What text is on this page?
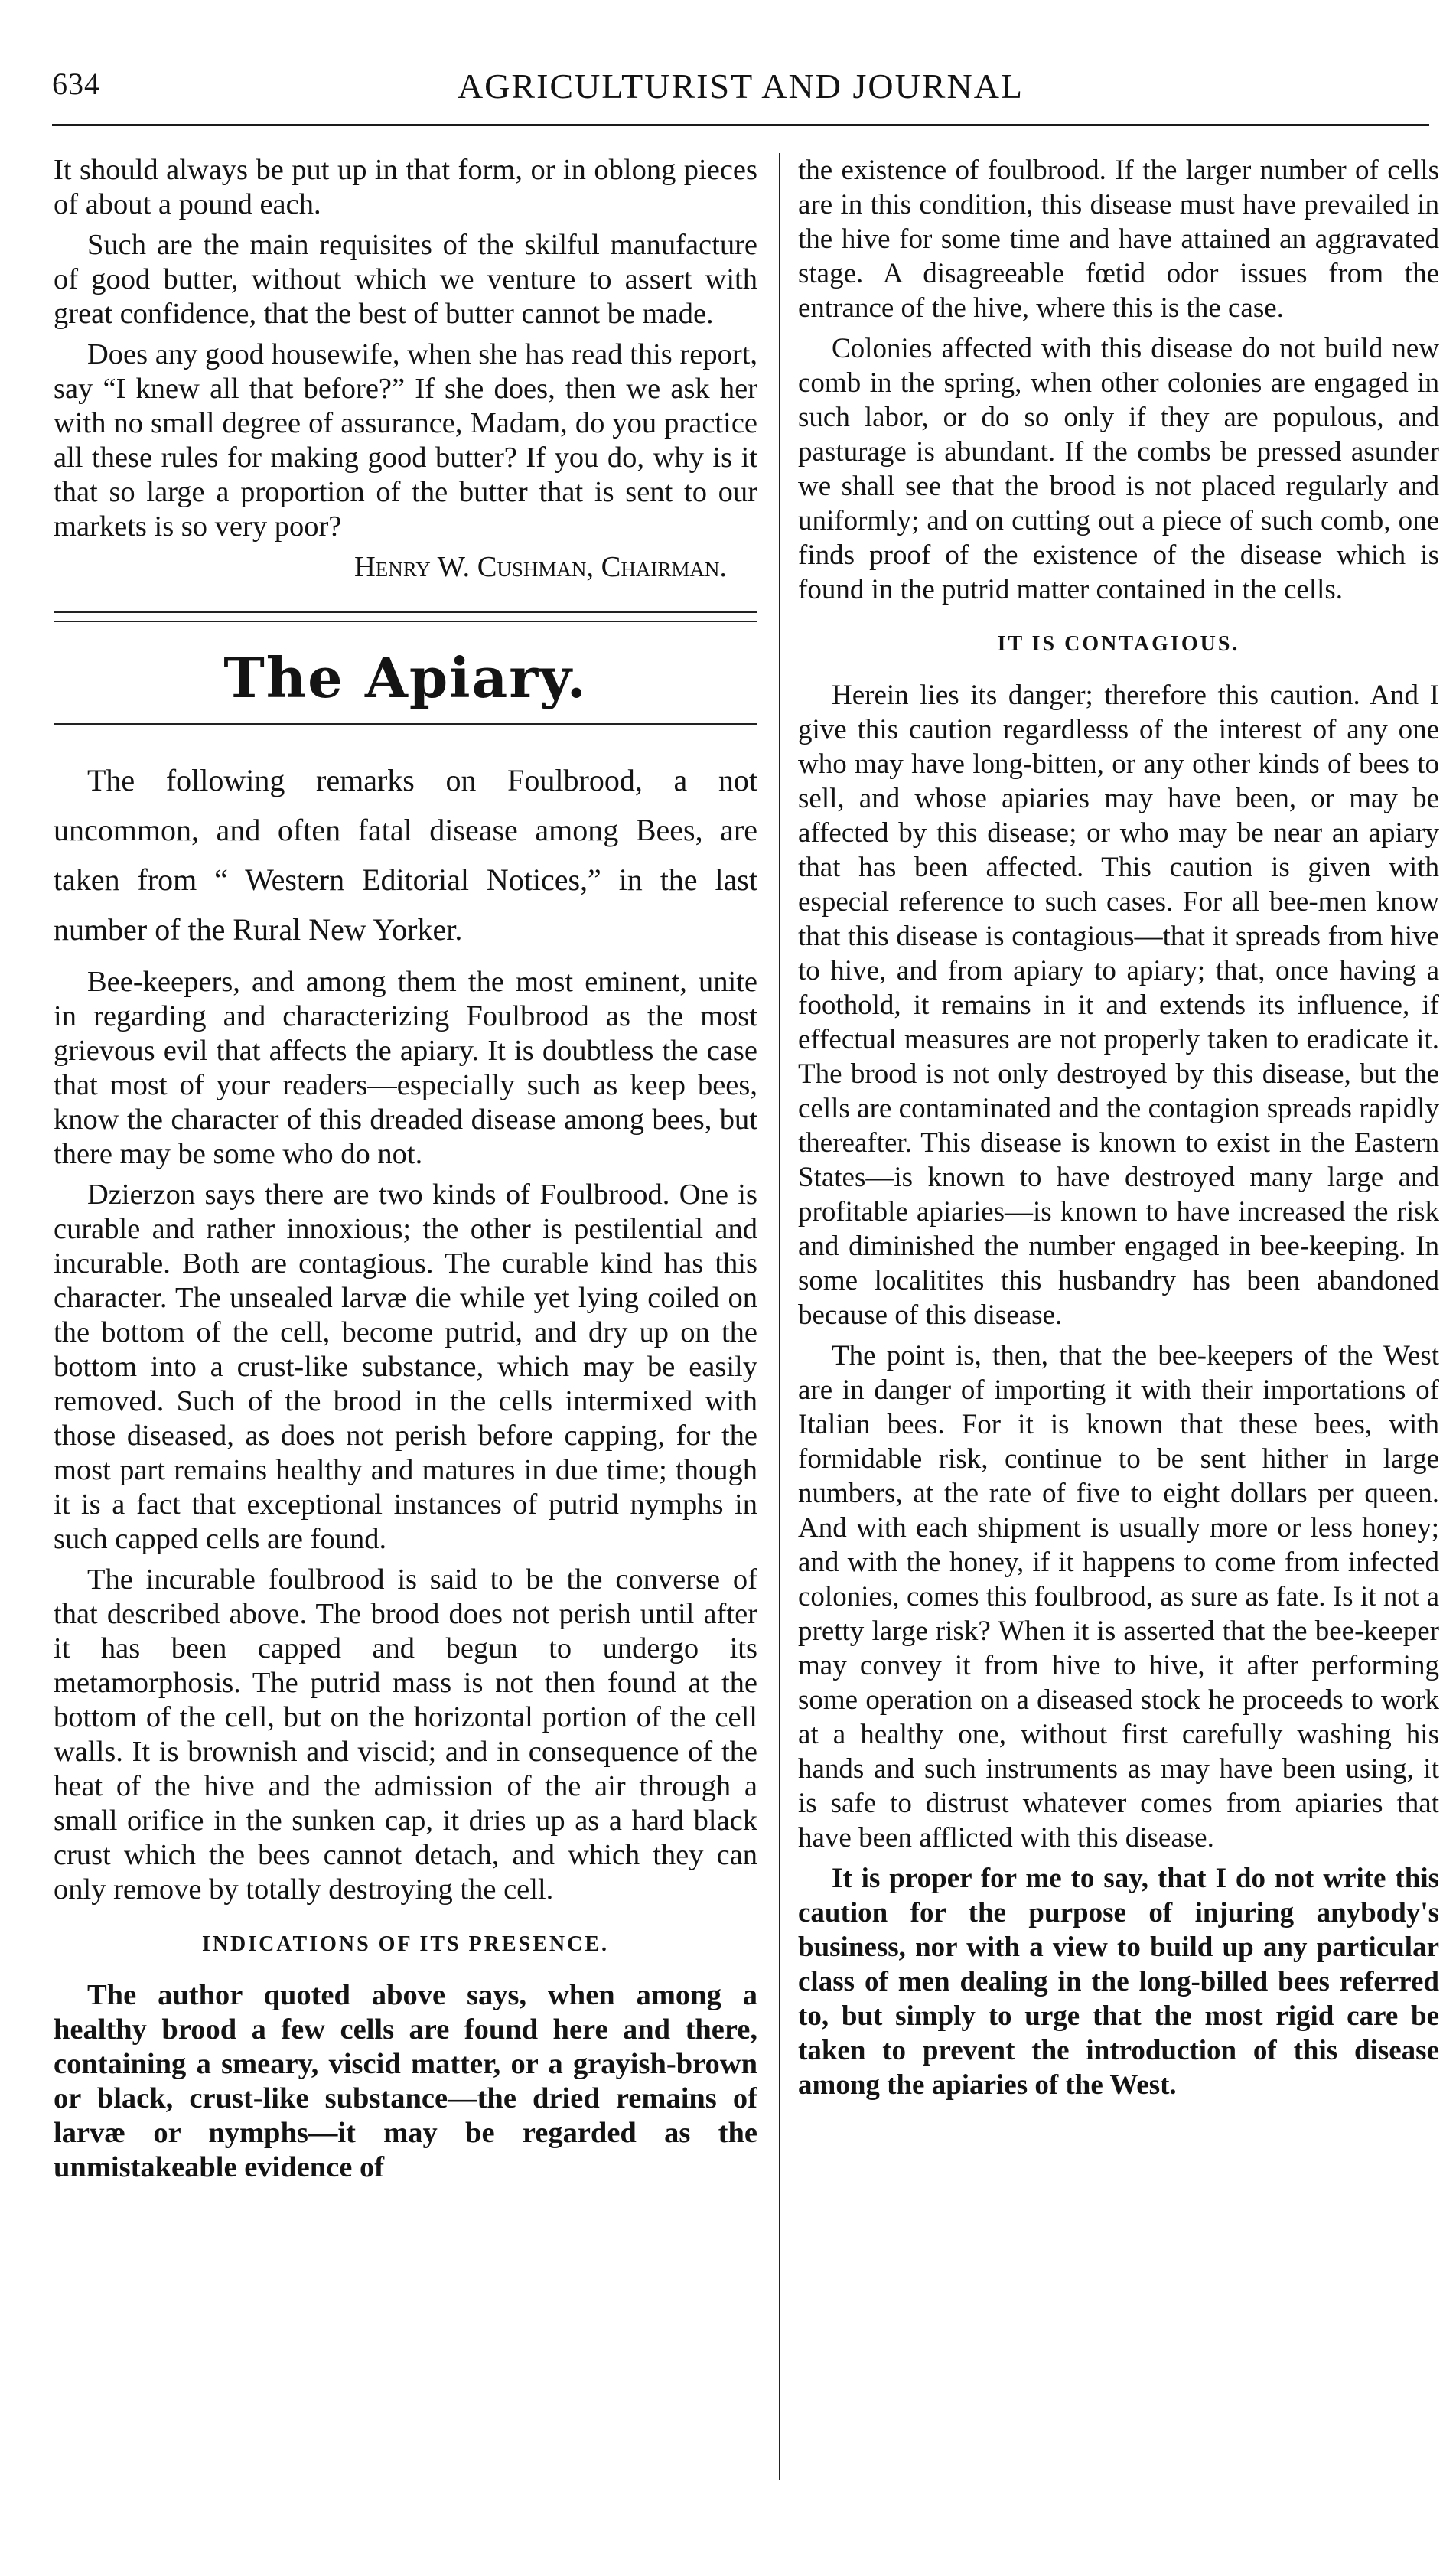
634	AGRICULTURIST AND JOURNAL

It should always be put up in that form, or in oblong pieces of about a pound each.

Such are the main requisites of the skilful manufacture of good butter, without which we venture to assert with great confidence, that the best of butter cannot be made.

Does any good housewife, when she has read this report, say “I knew all that before?” If she does, then we ask her with no small degree of assurance, Madam, do you practice all these rules for making good butter? If you do, why is it that so large a proportion of the butter that is sent to our markets is so very poor?

Henry W. Cushman, Chairman.

The Apiary.

The following remarks on Foulbrood, a not uncommon, and often fatal disease among Bees, are taken from “ Western Editorial Notices,” in the last number of the Rural New Yorker.

Bee-keepers, and among them the most eminent, unite in regarding and characterizing Foulbrood as the most grievous evil that affects the apiary. It is doubtless the case that most of your readers—especially such as keep bees, know the character of this dreaded disease among bees, but there may be some who do not.

Dzierzon says there are two kinds of Foulbrood. One is curable and rather innoxious; the other is pestilential and incurable. Both are contagious. The curable kind has this character. The unsealed larvæ die while yet lying coiled on the bottom of the cell, become putrid, and dry up on the bottom into a crust-like substance, which may be easily removed. Such of the brood in the cells intermixed with those diseased, as does not perish before capping, for the most part remains healthy and matures in due time; though it is a fact that exceptional instances of putrid nymphs in such capped cells are found.

The incurable foulbrood is said to be the converse of that described above. The brood does not perish until after it has been capped and begun to undergo its metamorphosis. The putrid mass is not then found at the bottom of the cell, but on the horizontal portion of the cell walls. It is brownish and viscid; and in consequence of the heat of the hive and the admission of the air through a small orifice in the sunken cap, it dries up as a hard black crust which the bees cannot detach, and which they can only remove by totally destroying the cell.

INDICATIONS OF ITS PRESENCE.

The author quoted above says, when among a healthy brood a few cells are found here and there, containing a smeary, viscid matter, or a grayish-brown or black, crust-like substance—the dried remains of larvæ or nymphs—it may be regarded as the unmistakeable evidence of

the existence of foulbrood. If the larger number of cells are in this condition, this disease must have prevailed in the hive for some time and have attained an aggravated stage. A disagreeable fœtid odor issues from the entrance of the hive, where this is the case.

Colonies affected with this disease do not build new comb in the spring, when other colonies are engaged in such labor, or do so only if they are populous, and pasturage is abundant. If the combs be pressed asunder we shall see that the brood is not placed regularly and uniformly; and on cutting out a piece of such comb, one finds proof of the existence of the disease which is found in the putrid matter contained in the cells.

IT IS CONTAGIOUS.

Herein lies its danger; therefore this caution. And I give this caution regardlesss of the interest of any one who may have long-bitten, or any other kinds of bees to sell, and whose apiaries may have been, or may be affected by this disease; or who may be near an apiary that has been affected. This caution is given with especial reference to such cases. For all bee-men know that this disease is contagious—that it spreads from hive to hive, and from apiary to apiary; that, once having a foothold, it remains in it and extends its influence, if effectual measures are not properly taken to eradicate it. The brood is not only destroyed by this disease, but the cells are contaminated and the contagion spreads rapidly thereafter. This disease is known to exist in the Eastern States—is known to have destroyed many large and profitable apiaries—is known to have increased the risk and diminished the number engaged in bee-keeping. In some localitites this husbandry has been abandoned because of this disease.

The point is, then, that the bee-keepers of the West are in danger of importing it with their importations of Italian bees. For it is known that these bees, with formidable risk, continue to be sent hither in large numbers, at the rate of five to eight dollars per queen. And with each shipment is usually more or less honey; and with the honey, if it happens to come from infected colonies, comes this foulbrood, as sure as fate. Is it not a pretty large risk? When it is asserted that the bee-keeper may convey it from hive to hive, it after performing some operation on a diseased stock he proceeds to work at a healthy one, without first carefully washing his hands and such instruments as may have been using, it is safe to distrust whatever comes from apiaries that have been afflicted with this disease.

It is proper for me to say, that I do not write this caution for the purpose of injuring anybody's business, nor with a view to build up any particular class of men dealing in the long-billed bees referred to, but simply to urge that the most rigid care be taken to prevent the introduction of this disease among the apiaries of the West.
